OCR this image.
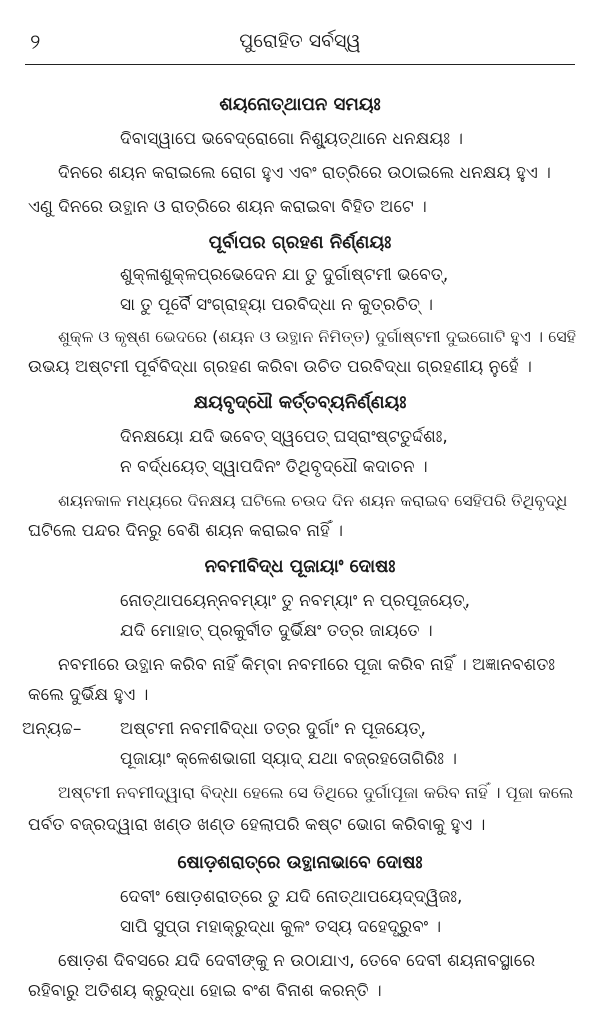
୨	ପୁରୋହିତ ସର୍ବସ୍ୱ
ଶୟନୋତ୍‌ଥାପନ ସମୟଃ
ଦିବାସ୍ୱାପେ ଭବେଦ୍ରୋଗୋ ନିଶ୍ୟୁତ୍‌ଥାନେ ଧନକ୍ଷୟଃ ।
ଦିନରେ ଶୟନ କରାଇଲେ ରୋଗ ହୁଏ ଏବଂ ରାତ୍ରିରେ ଉଠାଇଲେ ଧନକ୍ଷୟ ହୁଏ ।
ଏଣୁ ଦିନରେ ଉତ୍ଥାନ ଓ ରାତ୍ରିରେ ଶୟନ କରାଇବା ବିହିତ ଅଟେ ।
ପୂର୍ବାପର ଗ୍ରହଣ ନିର୍ଣ୍ଣୟଃ
ଶୁକ୍ଳାଶୁକ୍ଳପ୍ରଭେଦେନ ଯା ତୁ ଦୁର୍ଗାଷ୍ଟମୀ ଭବେତ୍‌,
ସା ତୁ ପୂର୍ବୈ ସଂଗ୍ରାହ୍ୟା ପରବିଦ୍ଧା ନ କୁତ୍ରଚିତ୍‌ ।
ଶୁକ୍ଳ ଓ କୃଷ୍ଣ ଭେଦରେ (ଶୟନ ଓ ଉତ୍ଥାନ ନିମିତ୍ତ) ଦୁର୍ଗାଷ୍ଟମୀ ଦୁଇଗୋଟି ହୁଏ । ସେହି
ଉଭୟ ଅଷ୍ଟମୀ ପୂର୍ବବିଦ୍ଧା ଗ୍ରହଣ କରିବା ଉଚିତ ପରବିଦ୍ଧା ଗ୍ରହଣୀୟ ନୁହେଁ ।
କ୍ଷୟବୃଦ୍ଧୌ କର୍ତ୍ତବ୍ୟନିର୍ଣ୍ଣୟଃ
ଦିନକ୍ଷୟୋ ଯଦି ଭବେତ୍‌ ସ୍ୱପେତ୍‌ ଘସ୍ରାଂଷ୍ଟତୁର୍ଦ୍ଦଶଃ,
ନ ବର୍ଦ୍ଧୟେତ୍‌ ସ୍ୱାପଦିନଂ ତିଥିବୃଦ୍ଧୌ କଦାଚନ ।
ଶୟନକାଳ ମଧ୍ୟରେ ଦିନକ୍ଷୟ ଘଟିଲେ ଚଉଦ ଦିନ ଶୟନ କରାଇବ ସେହିପରି ତିଥିବୃଦ୍ଧି
ଘଟିଲେ ପନ୍ଦର ଦିନରୁ ବେଶି ଶୟନ କରାଇବ ନାହିଁ ।
ନବମୀବିଦ୍ଧ ପୂଜାୟାଂ ଦୋଷଃ
ନୋତ୍‌ଥାପୟେନ୍ନବମ୍ୟାଂ ତୁ ନବମ୍ୟାଂ ନ ପ୍ରପୂଜୟେତ୍‌,
ଯଦି ମୋହାତ୍‌ ପ୍ରକୁର୍ବୀତ ଦୁର୍ଭିକ୍ଷଂ ତତ୍ର ଜାୟତେ ।
ନବମୀରେ ଉତ୍ଥାନ କରିବ ନାହିଁ କିମ୍ବା ନବମୀରେ ପୂଜା କରିବ ନାହିଁ । ଅଜ୍ଞାନବଶତଃ
କଲେ ଦୁର୍ଭିକ୍ଷ ହୁଏ ।
ଅନ୍ୟଚ୍ଚ– ଅଷ୍ଟମୀ ନବମୀବିଦ୍ଧା ତତ୍ର ଦୁର୍ଗାଂ ନ ପୂଜୟେତ୍‌,
ପୂଜାୟାଂ କ୍ଳେଶଭାଗୀ ସ୍ୟାଦ୍‌ ଯଥା ବଜ୍ରହତୋଗିରିଃ ।
ଅଷ୍ଟମୀ ନବମୀଦ୍ୱାରା ବିଦ୍ଧା ହେଲେ ସେ ତିଥିରେ ଦୁର୍ଗାପୂଜା କରିବ ନାହିଁ । ପୂଜା କଲେ
ପର୍ବତ ବଜ୍ରଦ୍ୱାରା ଖଣ୍ଡ ଖଣ୍ଡ ହେଲାପରି କଷ୍ଟ ଭୋଗ କରିବାକୁ ହୁଏ ।
ଷୋଡ଼ଶରାତ୍ରେ ଉତ୍ଥାନାଭାବେ ଦୋଷଃ
ଦେବୀଂ ଷୋଡ଼ଶରାତ୍ରେ ତୁ ଯଦି ନୋତ୍‌ଥାପୟେଦ୍‌ଦ୍ୱିଜଃ,
ସାପି ସୁପ୍ତା ମହାକ୍ରୁଦ୍ଧା କୁଳଂ ତସ୍ୟ ଦହେଦ୍ଧ୍ରୁବଂ ।
ଷୋଡ଼ଶ ଦିବସରେ ଯଦି ଦେବୀଙ୍କୁ ନ ଉଠାଯାଏ, ତେବେ ଦେବୀ ଶୟନାବସ୍ଥାରେ
ରହିବାରୁ ଅତିଶୟ କ୍ରୁଦ୍ଧା ହୋଇ ବଂଶ ବିନାଶ କରନ୍ତି ।
